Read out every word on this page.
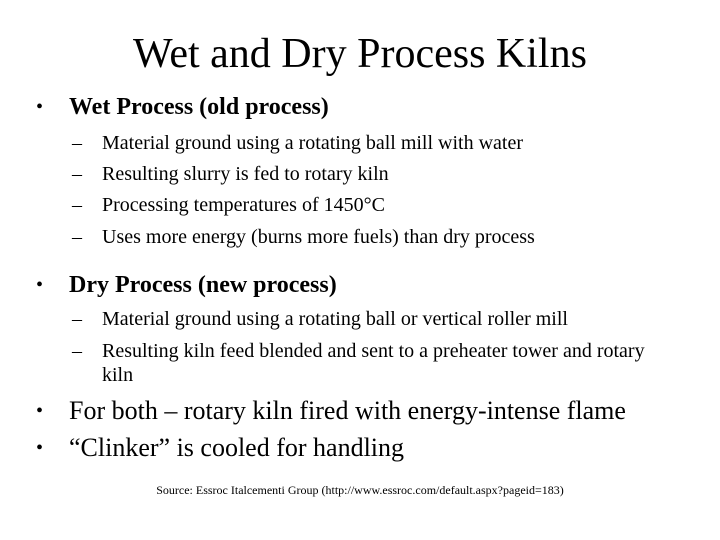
Wet and Dry Process Kilns
• Wet Process (old process)
– Material ground using a rotating ball mill with water
– Resulting slurry is fed to rotary kiln
– Processing temperatures of 1450°C
– Uses more energy (burns more fuels) than dry process
• Dry Process (new process)
– Material ground using a rotating ball or vertical roller mill
– Resulting kiln feed blended and sent to a preheater tower and rotary kiln
• For both – rotary kiln fired with energy-intense flame
• “Clinker” is cooled for handling
Source: Essroc Italcementi Group (http://www.essroc.com/default.aspx?pageid=183)
